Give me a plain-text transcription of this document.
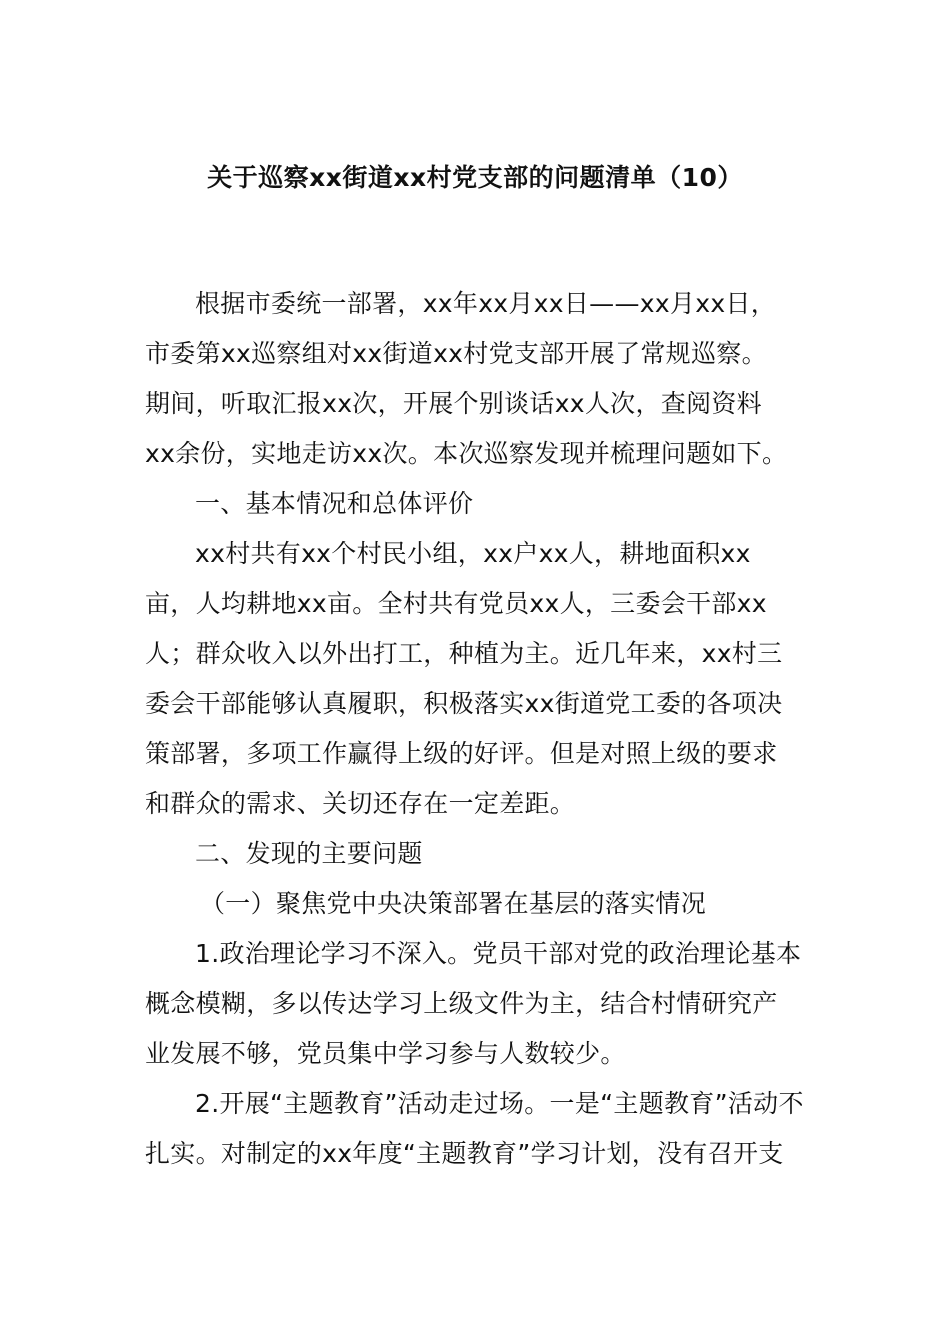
关于巡察xx街道xx村党支部的问题清单（10）
根据市委统一部署，xx年xx月xx日——xx月xx日，
市委第xx巡察组对xx街道xx村党支部开展了常规巡察。
期间，听取汇报xx次，开展个别谈话xx人次，查阅资料
xx余份，实地走访xx次。本次巡察发现并梳理问题如下。
一、基本情况和总体评价
xx村共有xx个村民小组，xx户xx人，耕地面积xx
亩，人均耕地xx亩。全村共有党员xx人，三委会干部xx
人；群众收入以外出打工，种植为主。近几年来，xx村三
委会干部能够认真履职，积极落实xx街道党工委的各项决
策部署，多项工作赢得上级的好评。但是对照上级的要求
和群众的需求、关切还存在一定差距。
二、发现的主要问题
（一）聚焦党中央决策部署在基层的落实情况
1.政治理论学习不深入。党员干部对党的政治理论基本
概念模糊，多以传达学习上级文件为主，结合村情研究产
业发展不够，党员集中学习参与人数较少。
2.开展“主题教育”活动走过场。一是“主题教育”活动不
扎实。对制定的xx年度“主题教育”学习计划，没有召开支
